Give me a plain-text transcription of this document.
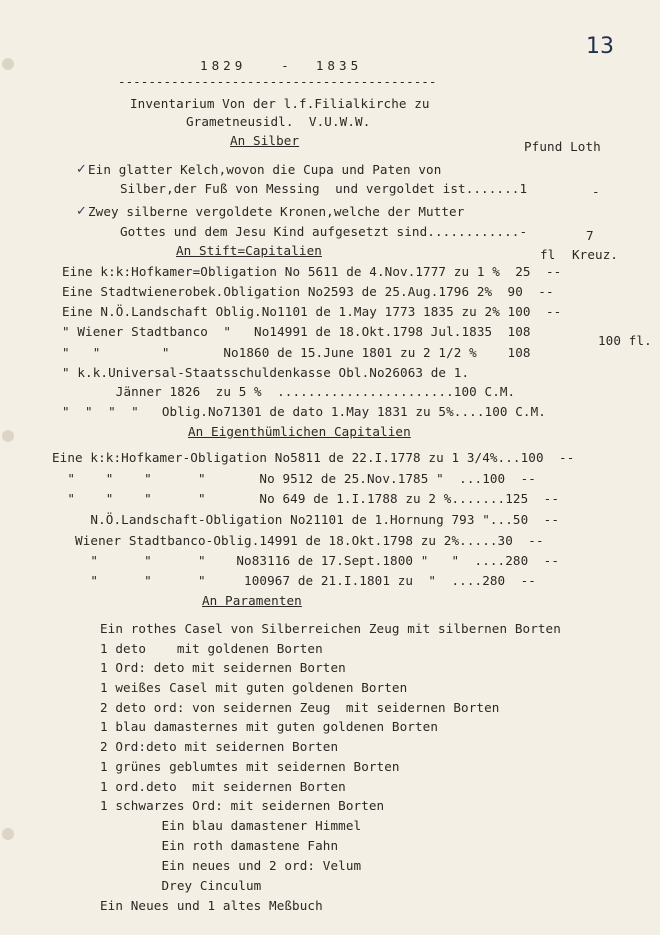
13
1829   -  1835
------------------------------------------
Inventarium Von der l.f.Filialkirche zu
Grametneusidl.  V.U.W.W.
An Silber	Pfund Loth
✓ Ein glatter Kelch,wovon die Cupa und Paten von
Silber,der Fuß von Messing  und vergoldet ist.......1	-
✓ Zwey silberne vergoldete Kronen,welche der Mutter
Gottes und dem Jesu Kind aufgesetzt sind............-	7
An Stift=Capitalien	fl Kreuz.
Eine k:k:Hofkamer=Obligation No 5611 de 4.Nov.1777 zu 1 %  25  --
Eine Stadtwienerobek.Obligation No2593 de 25.Aug.1796 2%  90  --
Eine N.Ö.Landschaft Oblig.No1101 de 1.May 1773 1835 zu 2% 100  --
" Wiener Stadtbanco  "   No14991 de 18.Okt.1798 Jul.1835  108
"   "        "       No1860 de 15.June 1801 zu 2 1/2 %    108
" k.k.Universal-Staatsschuldenkasse Obl.No26063 de 1.
Jänner 1826  zu 5 %  .......................100 C.M.
"  "  "  "   Oblig.No71301 de dato 1.May 1831 zu 5%....100 C.M.
100 fl.
An Eigenthümlichen Capitalien
Eine k:k:Hofkamer-Obligation No5811 de 22.I.1778 zu 1 3/4%...100  --
"    "    "      "       No 9512 de 25.Nov.1785 "  ...100  --
"    "    "      "       No 649 de 1.I.1788 zu 2 %.......125  --
N.Ö.Landschaft-Obligation No21101 de 1.Hornung 793 "...50  --
Wiener Stadtbanco-Oblig.14991 de 18.Okt.1798 zu 2%.....30  --
"      "      "    No83116 de 17.Sept.1800 "   "  ....280  --
"      "      "     100967 de 21.I.1801 zu  "  ....280  --
An Paramenten
Ein rothes Casel von Silberreichen Zeug mit silbernen Borten
1 deto    mit goldenen Borten
1 Ord: deto mit seidernen Borten
1 weißes Casel mit guten goldenen Borten
2 deto ord: von seidernen Zeug  mit seidernen Borten
1 blau damasternes mit guten goldenen Borten
2 Ord:deto mit seidernen Borten
1 grünes geblumtes mit seidernen Borten
1 ord.deto  mit seidernen Borten
1 schwarzes Ord: mit seidernen Borten
Ein blau damastener Himmel
Ein roth damastene Fahn
Ein neues und 2 ord: Velum
Drey Cinculum
Ein Neues und 1 altes Meßbuch
